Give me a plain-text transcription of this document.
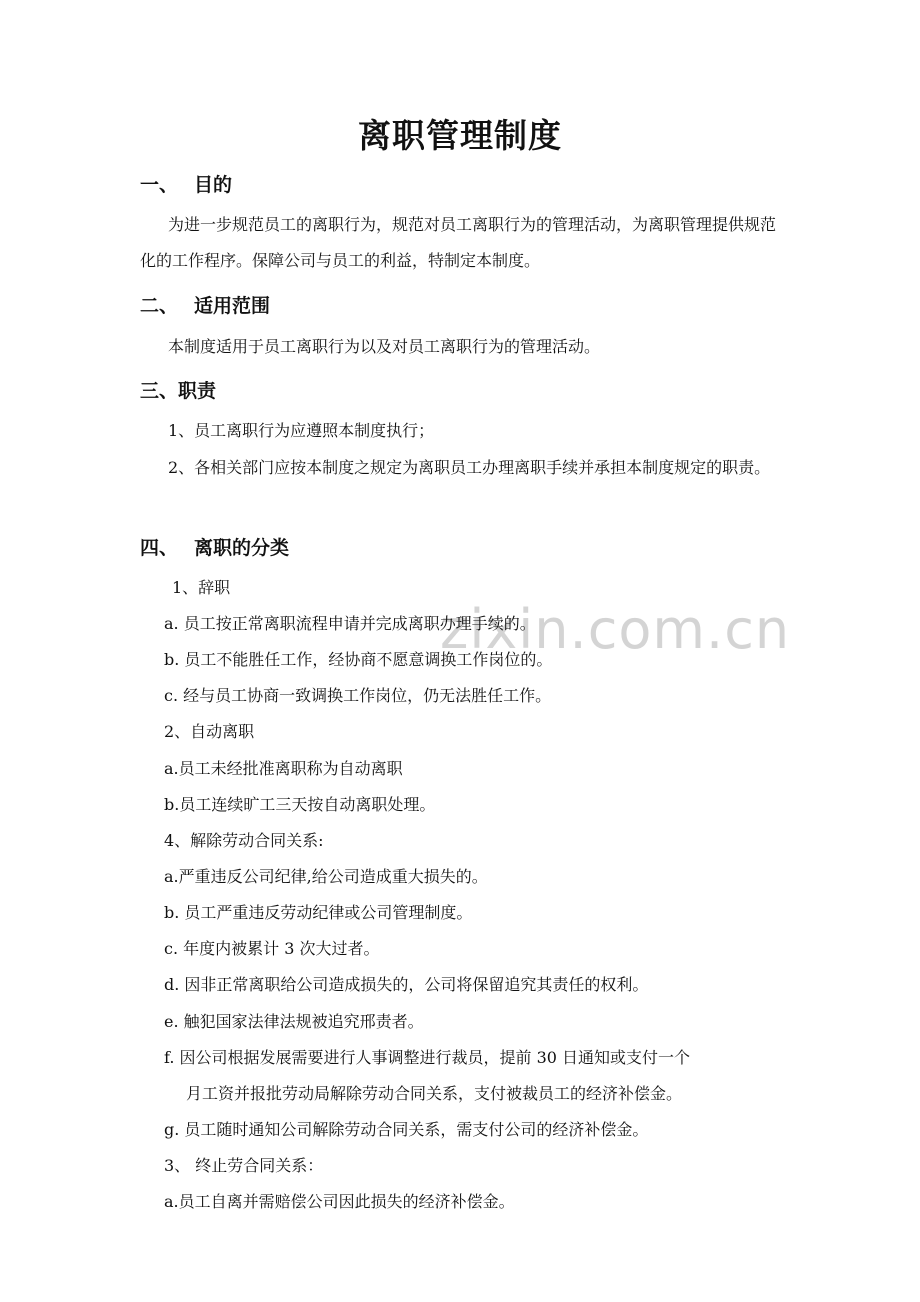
zixin.com.cn
离职管理制度
一、 目的
为进一步规范员工的离职行为，规范对员工离职行为的管理活动，为离职管理提供规范化的工作程序。保障公司与员工的利益，特制定本制度。
二、 适用范围
本制度适用于员工离职行为以及对员工离职行为的管理活动。
三、职责
1、员工离职行为应遵照本制度执行；
2、各相关部门应按本制度之规定为离职员工办理离职手续并承担本制度规定的职责。
四、 离职的分类
1、辞职
a. 员工按正常离职流程申请并完成离职办理手续的。
b. 员工不能胜任工作，经协商不愿意调换工作岗位的。
c. 经与员工协商一致调换工作岗位，仍无法胜任工作。
2、自动离职
a.员工未经批准离职称为自动离职
b.员工连续旷工三天按自动离职处理。
4、解除劳动合同关系:
a.严重违反公司纪律,给公司造成重大损失的。
b. 员工严重违反劳动纪律或公司管理制度。
c. 年度内被累计 3 次大过者。
d. 因非正常离职给公司造成损失的，公司将保留追究其责任的权利。
e. 触犯国家法律法规被追究邢责者。
f. 因公司根据发展需要进行人事调整进行裁员，提前 30 日通知或支付一个
月工资并报批劳动局解除劳动合同关系，支付被裁员工的经济补偿金。
g. 员工随时通知公司解除劳动合同关系，需支付公司的经济补偿金。
3、 终止劳合同关系：
a.员工自离并需赔偿公司因此损失的经济补偿金。
